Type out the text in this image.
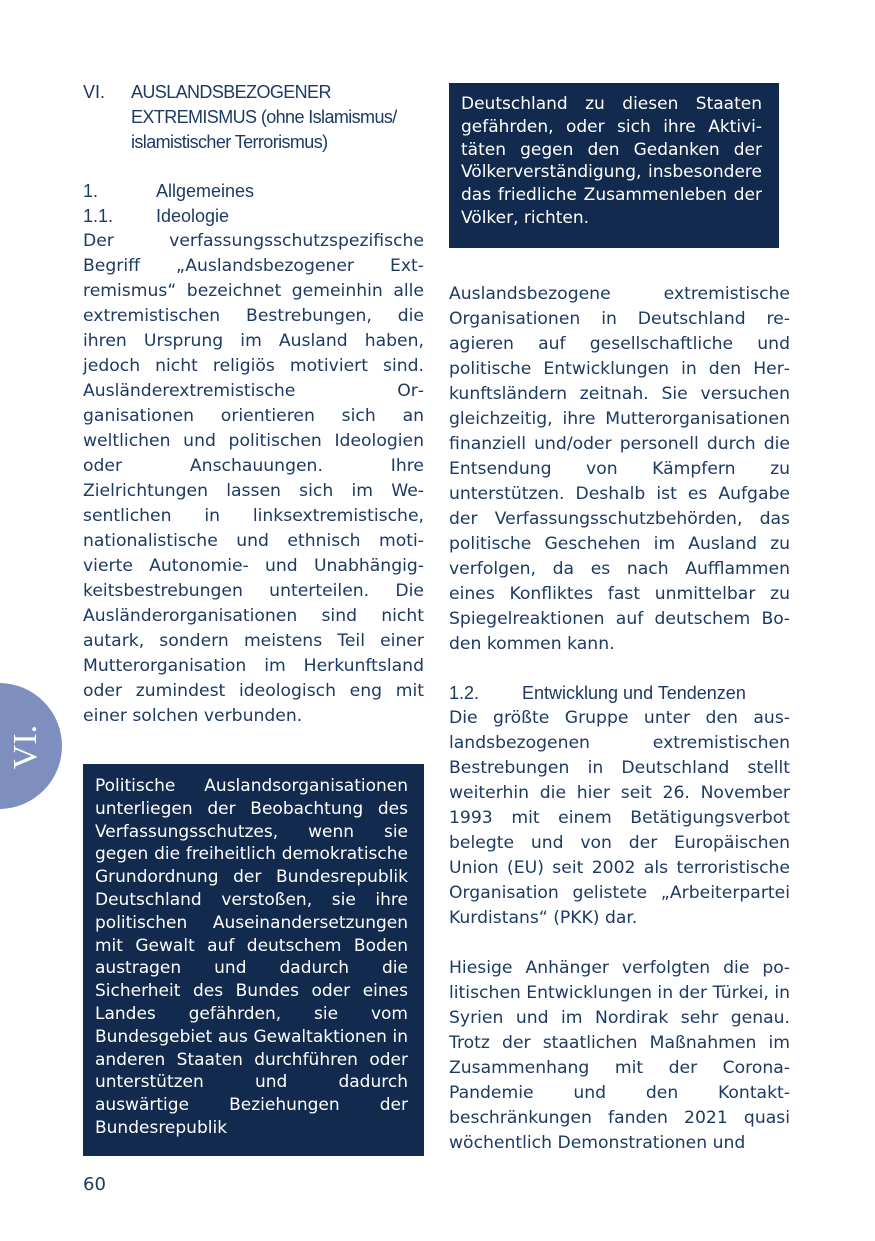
VI.
VI. AUSLANDSBEZOGENER EXTREMISMUS (ohne Islamismus/ islamistischer Terrorismus)
1.	Allgemeines
1.1. Ideologie

Der verfassungsschutzspezifische Begriff „Auslandsbezogener Extremismus“ bezeichnet gemeinhin alle extremistischen Bestrebungen, die ihren Ursprung im Ausland haben, jedoch nicht religiös motiviert sind. Ausländerextremistische Organisationen orientieren sich an weltlichen und politischen Ideologien oder Anschauungen. Ihre Zielrichtungen lassen sich im Wesentlichen in linksextremistische, nationalistische und ethnisch motivierte Autonomie- und Unabhängigkeitsbestrebungen unterteilen. Die Ausländerorganisationen sind nicht autark, sondern meistens Teil einer Mutterorganisation im Herkunftsland oder zumindest ideologisch eng mit einer solchen verbunden.

Politische Auslandsorganisationen unterliegen der Beobachtung des Verfassungsschutzes, wenn sie gegen die freiheitlich demokratische Grundordnung der Bundesrepublik Deutschland verstoßen, sie ihre politischen Auseinandersetzungen mit Gewalt auf deutschem Boden austragen und dadurch die Sicherheit des Bundes oder eines Landes gefährden, sie vom Bundesgebiet aus Gewaltaktionen in anderen Staaten durchführen oder unterstützen und dadurch auswärtige Beziehungen der Bundesrepublik

Deutschland zu diesen Staaten gefährden, oder sich ihre Aktivitäten gegen den Gedanken der Völkerverständigung, insbesondere das friedliche Zusammenleben der Völker, richten.

Auslandsbezogene extremistische Organisationen in Deutschland reagieren auf gesellschaftliche und politische Entwicklungen in den Herkunftsländern zeitnah. Sie versuchen gleichzeitig, ihre Mutterorganisationen finanziell und/oder personell durch die Entsendung von Kämpfern zu unterstützen. Deshalb ist es Aufgabe der Verfassungsschutzbehörden, das politische Geschehen im Ausland zu verfolgen, da es nach Aufflammen eines Konfliktes fast unmittelbar zu Spiegelreaktionen auf deutschem Boden kommen kann.

1.2. Entwicklung und Tendenzen

Die größte Gruppe unter den auslandsbezogenen extremistischen Bestrebungen in Deutschland stellt weiterhin die hier seit 26. November 1993 mit einem Betätigungsverbot belegte und von der Europäischen Union (EU) seit 2002 als terroristische Organisation gelistete „Arbeiterpartei Kurdistans“ (PKK) dar.

Hiesige Anhänger verfolgten die politischen Entwicklungen in der Türkei, in Syrien und im Nordirak sehr genau. Trotz der staatlichen Maßnahmen im Zusammenhang mit der Corona-Pandemie und den Kontaktbeschränkungen fanden 2021 quasi wöchentlich Demonstrationen und

60
